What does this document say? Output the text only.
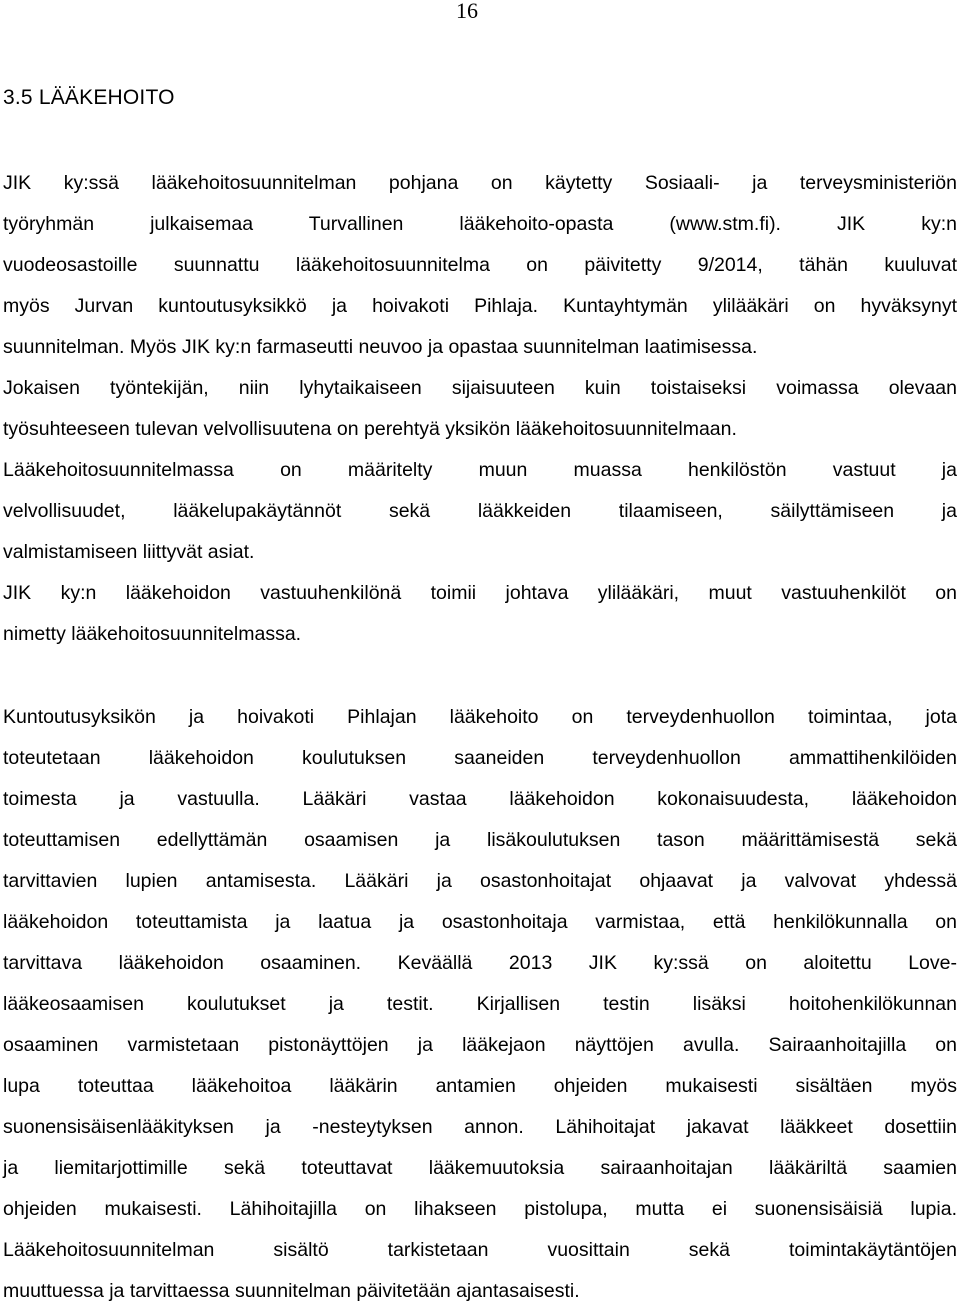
16
3.5 LÄÄKEHOITO
JIK ky:ssä lääkehoitosuunnitelman pohjana on käytetty Sosiaali- ja terveysministeriön
työryhmän julkaisemaa Turvallinen lääkehoito-opasta (www.stm.fi). JIK ky:n
vuodeosastoille suunnattu lääkehoitosuunnitelma on päivitetty 9/2014, tähän kuuluvat
myös Jurvan kuntoutusyksikkö ja hoivakoti Pihlaja. Kuntayhtymän ylilääkäri on hyväksynyt
suunnitelman. Myös JIK ky:n farmaseutti neuvoo ja opastaa suunnitelman laatimisessa.
Jokaisen työntekijän, niin lyhytaikaiseen sijaisuuteen kuin toistaiseksi voimassa olevaan
työsuhteeseen tulevan velvollisuutena on perehtyä yksikön lääkehoitosuunnitelmaan.
Lääkehoitosuunnitelmassa on määritelty muun muassa henkilöstön vastuut ja
velvollisuudet, lääkelupakäytännöt sekä lääkkeiden tilaamiseen, säilyttämiseen ja
valmistamiseen liittyvät asiat.
JIK ky:n lääkehoidon vastuuhenkilönä toimii johtava ylilääkäri, muut vastuuhenkilöt on
nimetty lääkehoitosuunnitelmassa.
Kuntoutusyksikön ja hoivakoti Pihlajan lääkehoito on terveydenhuollon toimintaa, jota
toteutetaan lääkehoidon koulutuksen saaneiden terveydenhuollon ammattihenkilöiden
toimesta ja vastuulla. Lääkäri vastaa lääkehoidon kokonaisuudesta, lääkehoidon
toteuttamisen edellyttämän osaamisen ja lisäkoulutuksen tason määrittämisestä sekä
tarvittavien lupien antamisesta. Lääkäri ja osastonhoitajat ohjaavat ja valvovat yhdessä
lääkehoidon toteuttamista ja laatua ja osastonhoitaja varmistaa, että henkilökunnalla on
tarvittava lääkehoidon osaaminen. Keväällä 2013 JIK ky:ssä on aloitettu Love-
lääkeosaamisen koulutukset ja testit. Kirjallisen testin lisäksi hoitohenkilökunnan
osaaminen varmistetaan pistonäyttöjen ja lääkejaon näyttöjen avulla. Sairaanhoitajilla on
lupa toteuttaa lääkehoitoa lääkärin antamien ohjeiden mukaisesti sisältäen myös
suonensisäisenlääkityksen ja -nesteytyksen annon. Lähihoitajat jakavat lääkkeet dosettiin
ja liemitarjottimille sekä toteuttavat lääkemuutoksia sairaanhoitajan lääkäriltä saamien
ohjeiden mukaisesti. Lähihoitajilla on lihakseen pistolupa, mutta ei suonensisäisiä lupia.
Lääkehoitosuunnitelman sisältö tarkistetaan vuosittain sekä toimintakäytäntöjen
muuttuessa ja tarvittaessa suunnitelman päivitetään ajantasaisesti.
